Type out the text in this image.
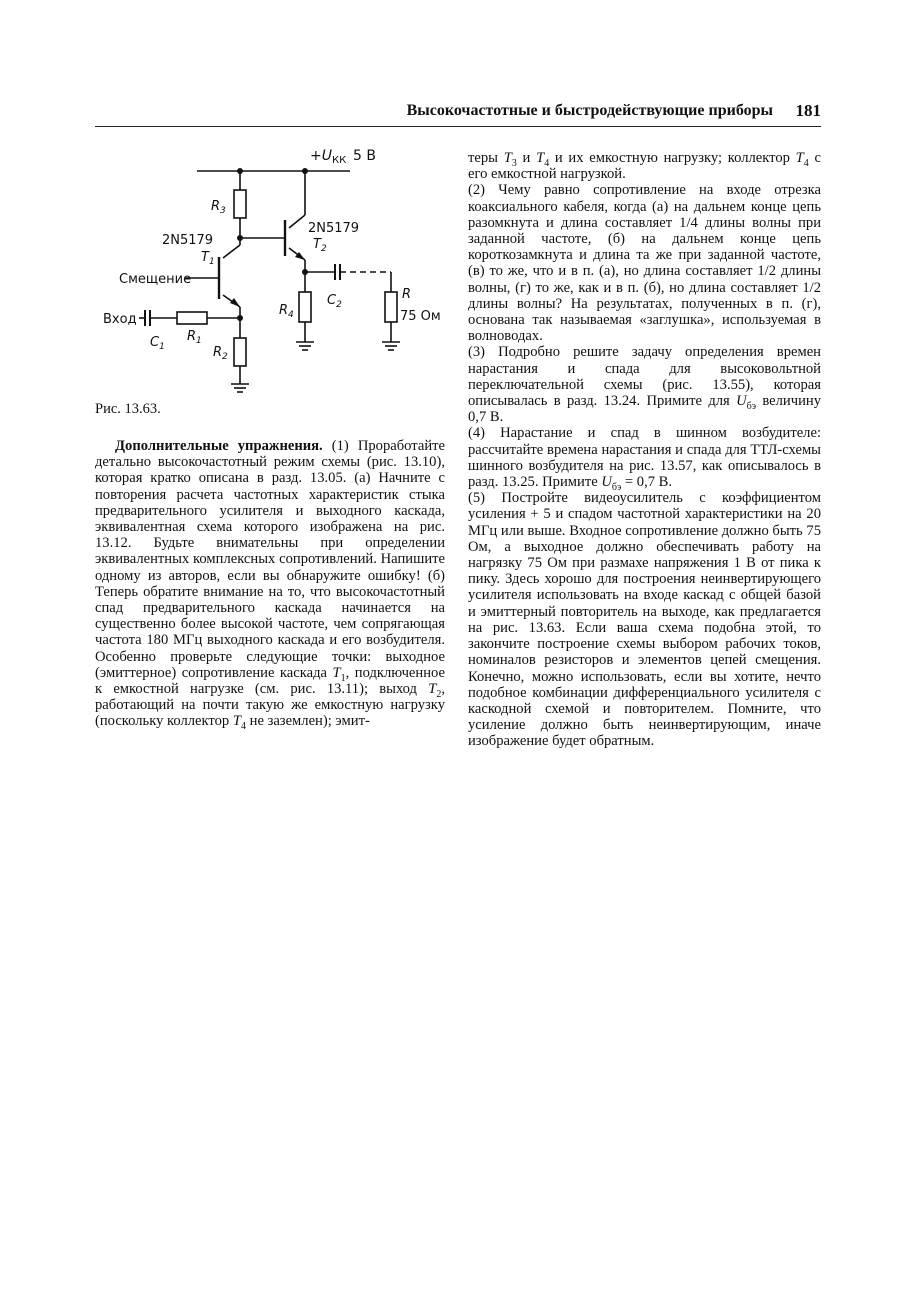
Высокочастотные и быстродействующие приборы 181
$+U_{КК}$ 5 В
$R_3$
2N5179
$T_1$
2N5179
$T_2$
Смещение
Вход
$C_1$
$R_1$
$R_2$
$R_4$
$C_2$
R
75 Ом
Рис. 13.63.

Дополнительные упражнения. (1) Проработайте детально высокочастотный режим схемы (рис. 13.10), которая кратко описана в разд. 13.05. (а) Начните с повторения расчета частотных характеристик стыка предварительного усилителя и выходного каскада, эквивалентная схема которого изображена на рис. 13.12. Будьте внимательны при определении эквивалентных комплексных сопротивлений. Напишите одному из авторов, если вы обнаружите ошибку! (б) Теперь обратите внимание на то, что высокочастотный спад предварительного каскада начинается на существенно более высокой частоте, чем сопрягающая частота 180 МГц выходного каскада и его возбудителя. Особенно проверьте следующие точки: выходное (эмиттерное) сопротивление каскада $T_1$, подключенное к емкостной нагрузке (см. рис. 13.11); выход $T_2$, работающий на почти такую же емкостную нагрузку (поскольку коллектор $T_4$ не заземлен); эмит-

теры $T_3$ и $T_4$ и их емкостную нагрузку; коллектор $T_4$ с его емкостной нагрузкой.

(2) Чему равно сопротивление на входе отрезка коаксиального кабеля, когда (а) на дальнем конце цепь разомкнута и длина составляет 1/4 длины волны при заданной частоте, (б) на дальнем конце цепь короткозамкнута и длина та же при заданной частоте, (в) то же, что и в п. (а), но длина составляет 1/2 длины волны, (г) то же, как и в п. (б), но длина составляет 1/2 длины волны? На результатах, полученных в п. (г), основана так называемая «заглушка», используемая в волноводах.

(3) Подробно решите задачу определения времен нарастания и спада для высоковольтной переключательной схемы (рис. 13.55), которая описывалась в разд. 13.24. Примите для $U_{бэ}$ величину 0,7 В.

(4) Нарастание и спад в шинном возбудителе: рассчитайте времена нарастания и спада для ТТЛ-схемы шинного возбудителя на рис. 13.57, как описывалось в разд. 13.25. Примите $U_{бэ} = 0,7$ В.

(5) Постройте видеоусилитель с коэффициентом усиления + 5 и спадом частотной характеристики на 20 МГц или выше. Входное сопротивление должно быть 75 Ом, а выходное должно обеспечивать работу на нагрязку 75 Ом при размахе напряжения 1 В от пика к пику. Здесь хорошо для построения неинвертирующего усилителя использовать на входе каскад с общей базой и эмиттерный повторитель на выходе, как предлагается на рис. 13.63. Если ваша схема подобна этой, то закончите построение схемы выбором рабочих токов, номиналов резисторов и элементов цепей смещения. Конечно, можно использовать, если вы хотите, нечто подобное комбинации дифференциального усилителя с каскодной схемой и повторителем. Помните, что усиление должно быть неинвертирующим, иначе изображение будет обратным.
